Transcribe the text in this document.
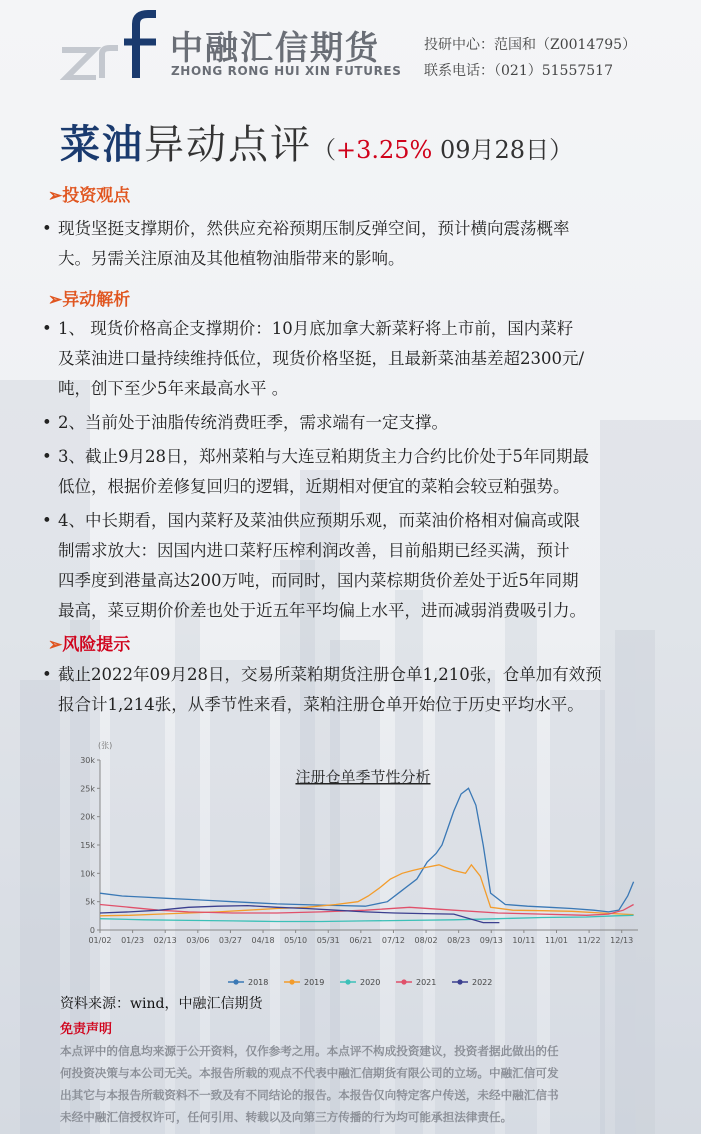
中融汇信期货
ZHONG RONG HUI XIN FUTURES
投研中心：范国和（Z0014795）
联系电话：（021）51557517
菜油异动点评（+3.25% 09月28日）
➢投资观点
• 现货坚挺支撑期价，然供应充裕预期压制反弹空间，预计横向震荡概率
大。另需关注原油及其他植物油脂带来的影响。
➢异动解析
• 1、 现货价格高企支撑期价：10月底加拿大新菜籽将上市前，国内菜籽
及菜油进口量持续维持低位，现货价格坚挺，且最新菜油基差超2300元/
吨，创下至少5年来最高水平 。
• 2、当前处于油脂传统消费旺季，需求端有一定支撑。
• 3、截止9月28日，郑州菜粕与大连豆粕期货主力合约比价处于5年同期最
低位，根据价差修复回归的逻辑，近期相对便宜的菜粕会较豆粕强势。
• 4、中长期看，国内菜籽及菜油供应预期乐观，而菜油价格相对偏高或限
制需求放大：因国内进口菜籽压榨利润改善，目前船期已经买满，预计
四季度到港量高达200万吨，而同时，国内菜棕期货价差处于近5年同期
最高，菜豆期价价差也处于近五年平均偏上水平，进而减弱消费吸引力。
➢风险提示
• 截止2022年09月28日，交易所菜粕期货注册仓单1,210张，仓单加有效预
报合计1,214张，从季节性来看，菜粕注册仓单开始位于历史平均水平。
(张)
0
5k
10k
15k
20k
25k
30k
01/02 01/23 02/13 03/06 03/27 04/18 05/10 05/31 06/21 07/12 08/02 08/23 09/13 10/11 11/01 11/22 12/13
注册仓单季节性分析
2018	2019	2020	2021	2022
资料来源：wind，中融汇信期货
免责声明
本点评中的信息均来源于公开资料，仅作参考之用。本点评不构成投资建议，投资者据此做出的任
何投资决策与本公司无关。本报告所载的观点不代表中融汇信期货有限公司的立场。中融汇信可发
出其它与本报告所载资料不一致及有不同结论的报告。本报告仅向特定客户传送，未经中融汇信书
未经中融汇信授权许可，任何引用、转载以及向第三方传播的行为均可能承担法律责任。
